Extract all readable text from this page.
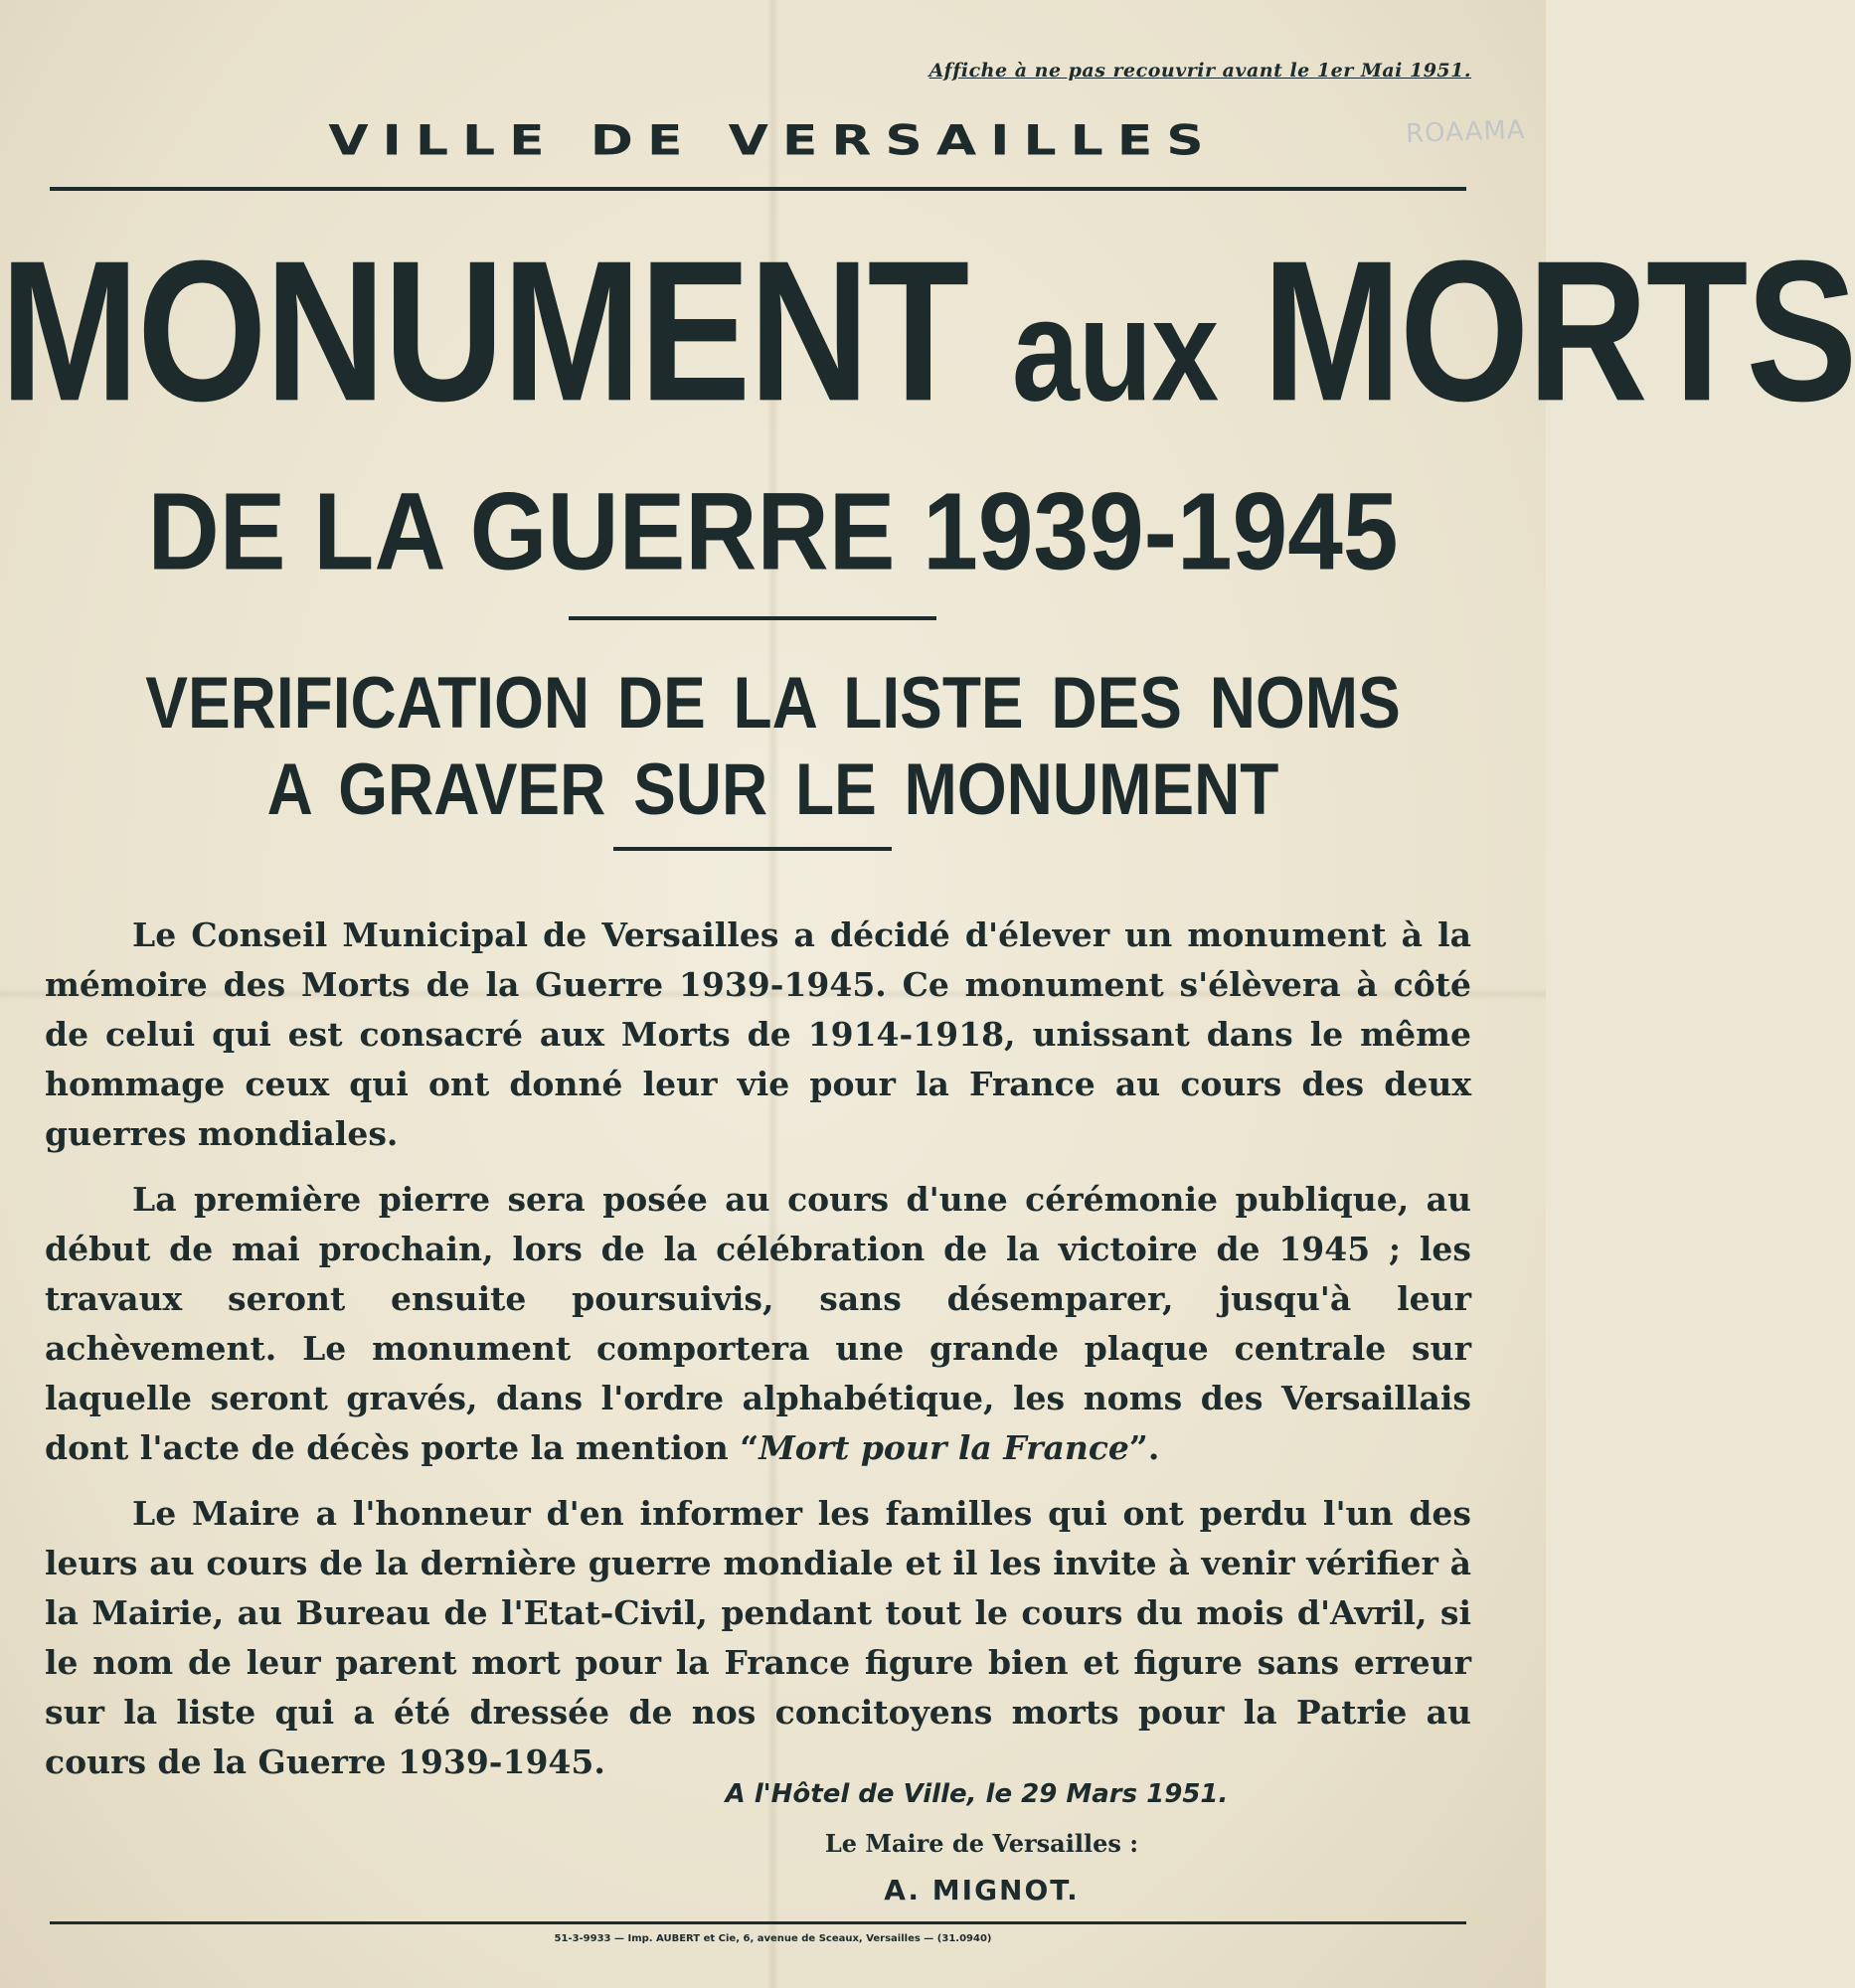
Affiche à ne pas recouvrir avant le 1er Mai 1951.
ROAAMA
VILLE DE VERSAILLES
MONUMENT aux MORTS
DE LA GUERRE 1939-1945
VERIFICATION DE LA LISTE DES NOMS
A GRAVER SUR LE MONUMENT

Le Conseil Municipal de Versailles a décidé d'élever un monument à la mémoire des Morts de la Guerre 1939-1945. Ce monument s'élèvera à côté de celui qui est consacré aux Morts de 1914-1918, unissant dans le même hommage ceux qui ont donné leur vie pour la France au cours des deux guerres mondiales.

La première pierre sera posée au cours d'une cérémonie publique, au début de mai prochain, lors de la célébration de la victoire de 1945 ; les travaux seront ensuite poursuivis, sans désemparer, jusqu'à leur achèvement. Le monument comportera une grande plaque centrale sur laquelle seront gravés, dans l'ordre alphabétique, les noms des Versaillais dont l'acte de décès porte la mention “Mort pour la France”.

Le Maire a l'honneur d'en informer les familles qui ont perdu l'un des leurs au cours de la dernière guerre mondiale et il les invite à venir vérifier à la Mairie, au Bureau de l'Etat-Civil, pendant tout le cours du mois d'Avril, si le nom de leur parent mort pour la France figure bien et figure sans erreur sur la liste qui a été dressée de nos concitoyens morts pour la Patrie au cours de la Guerre 1939-1945.

A l'Hôtel de Ville, le 29 Mars 1951.
Le Maire de Versailles :
A. MIGNOT.
51-3-9933 — Imp. AUBERT et Cie, 6, avenue de Sceaux, Versailles — (31.0940)
